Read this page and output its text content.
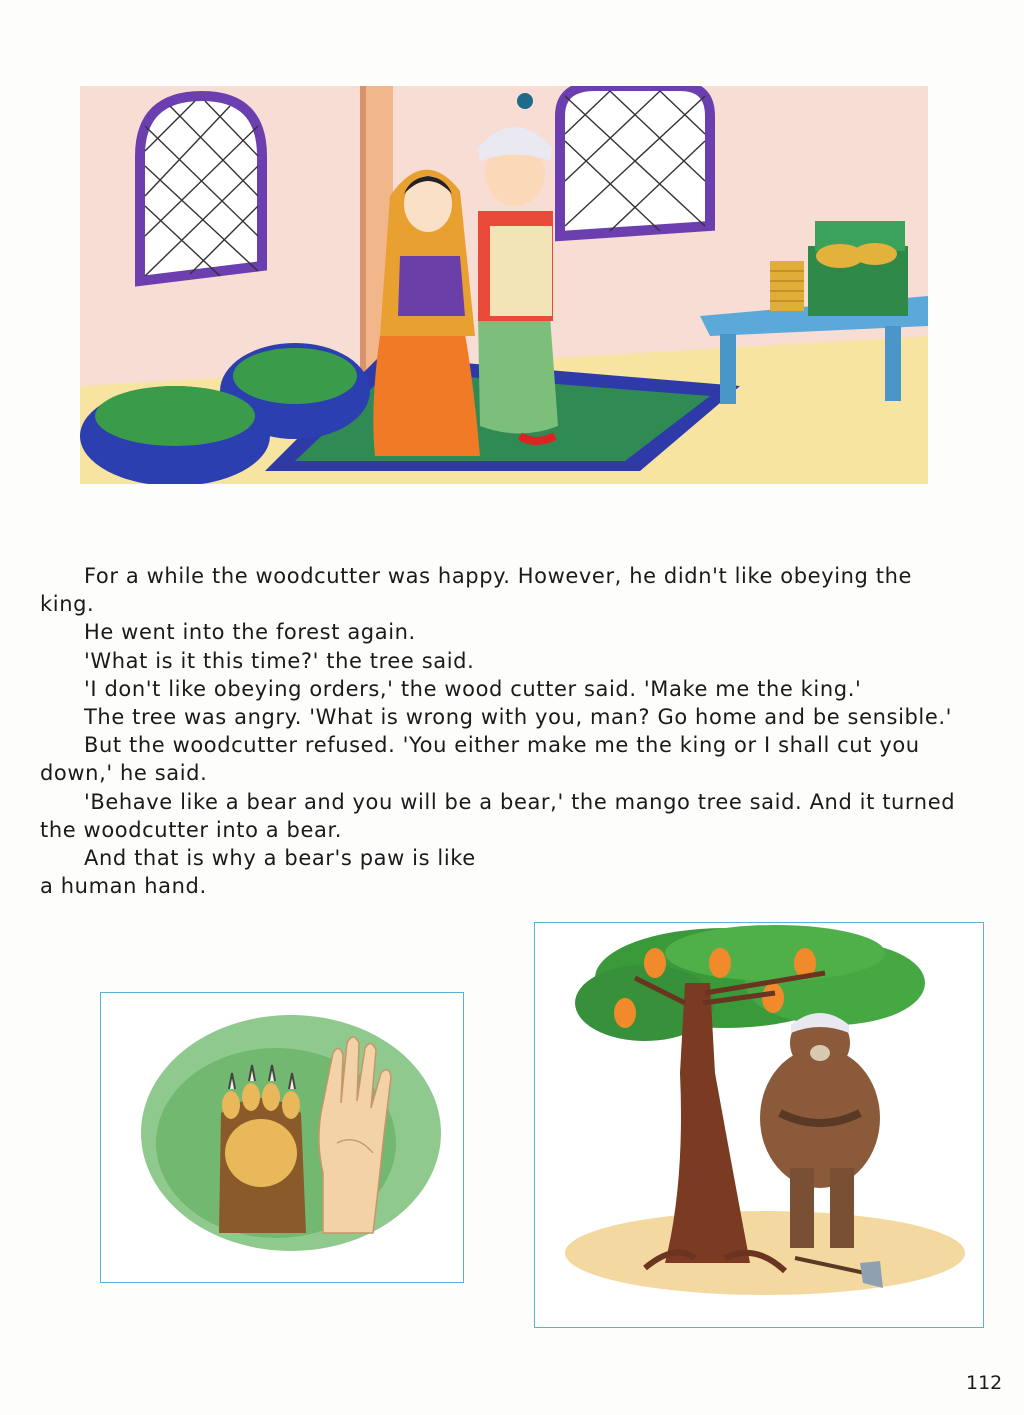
For a while the woodcutter was happy. However, he didn't like obeying the king.

He went into the forest again.

'What is it this time?' the tree said.

'I don't like obeying orders,' the wood cutter said. 'Make me the king.'

The tree was angry. 'What is wrong with you, man? Go home and be sensible.'

But the woodcutter refused. 'You either make me the king or I shall cut you down,' he said.

'Behave like a bear and you will be a bear,' the mango tree said. And it turned the woodcutter into a bear.

And that is why a bear's paw is like a human hand.

112
